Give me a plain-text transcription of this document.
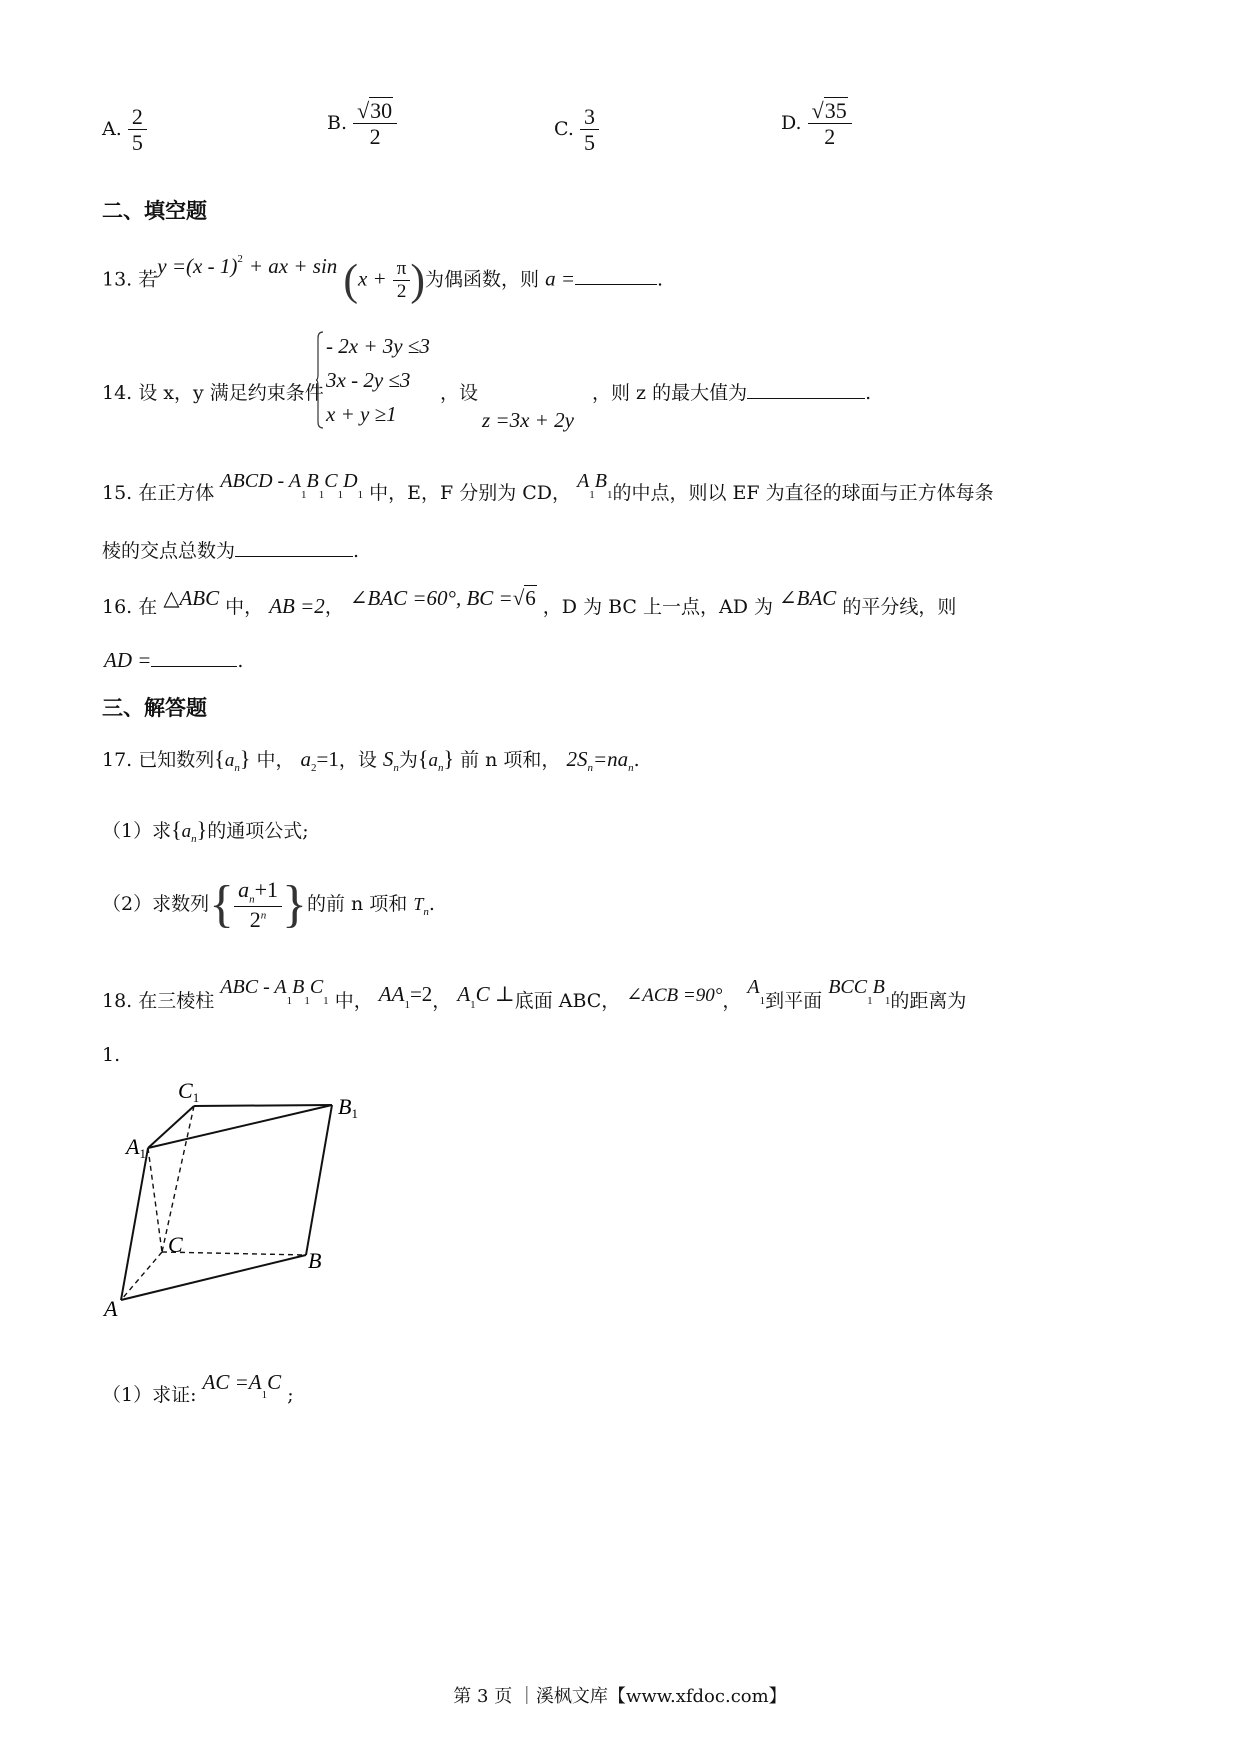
A. $\frac{2}{5}$	B. $\frac{√30}{2}$	C. $\frac{3}{5}$	D. $\frac{√35}{2}$
二、填空题
13. 若y =(x - 1)$^2$ + ax + $\sin (x + \frac{\pi}{2}$ )为偶函数，则 a =	.
14. 设 x，y 满足约束条件
- 2x + 3y ≤3
3x - 2y ≤3
x + y ≥1
，设
z =3x + 2y
，则 z 的最大值为	.
15. 在正方体 ABCD - $A_1B_1C_1D_1$ 中，E，F 分别为 CD， $A_1B_1$的中点，则以 EF 为直径的球面与正方体每条
棱的交点总数为	.
16. 在 △ABC 中， AB =2， ∠BAC =60°, BC =√6 ，D 为 BC 上一点，AD 为 ∠BAC 的平分线，则
AD =	.
三、解答题
17. 已知数列$\{a_n\}$ 中， $a_2=1$，设 $S_n$为$\{a_n\}$ 前 n 项和， $2S_n=na_n$.
（1）求$\{a_n\}$的通项公式;
（2）求数列{ $\frac{a_n+1}{2^n}$ }的前 n 项和 $T_n$.
18. 在三棱柱 ABC - $A_1B_1C_1$ 中， $AA_1=2$， $A_1C$ ⊥底面 ABC， ∠ACB =90°， $A_1$到平面 $BCC_1B_1$的距离为
1.
C1	B1
A1
C
B
A
（1）求证: AC $=A_1C$ ;
第 3 页 ｜溪枫文库【www.xfdoc.com】
